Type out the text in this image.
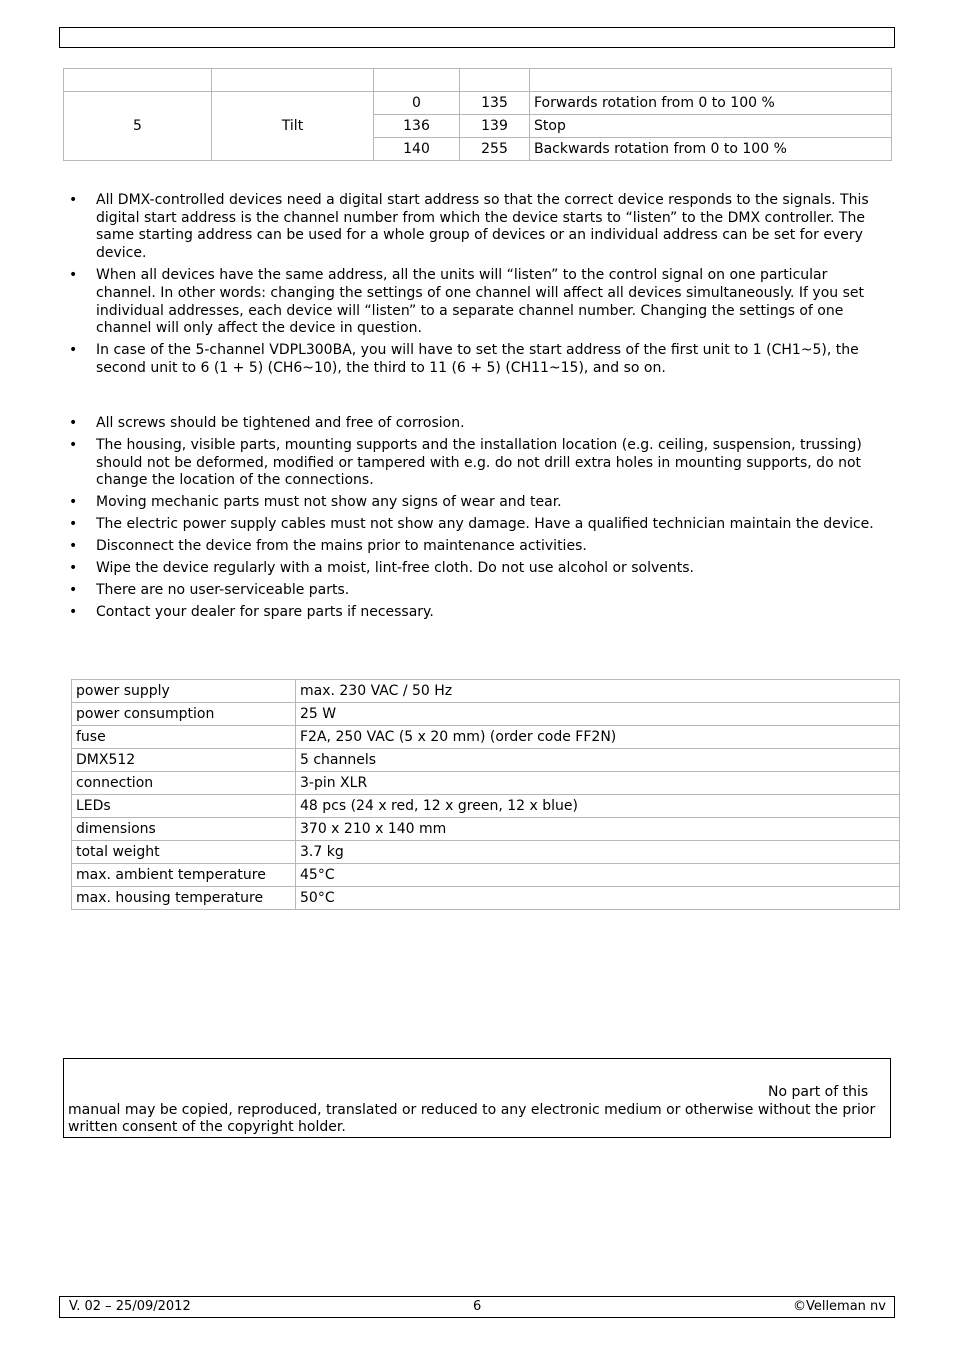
5	Tilt	0	135	Forwards rotation from 0 to 100 %
		136	139	Stop
		140	255	Backwards rotation from 0 to 100 %
• All DMX-controlled devices need a digital start address so that the correct device responds to the signals. This digital start address is the channel number from which the device starts to “listen” to the DMX controller. The same starting address can be used for a whole group of devices or an individual address can be set for every device.
• When all devices have the same address, all the units will “listen” to the control signal on one particular channel. In other words: changing the settings of one channel will affect all devices simultaneously. If you set individual addresses, each device will “listen” to a separate channel number. Changing the settings of one channel will only affect the device in question.
• In case of the 5-channel VDPL300BA, you will have to set the start address of the first unit to 1 (CH1~5), the second unit to 6 (1 + 5) (CH6~10), the third to 11 (6 + 5) (CH11~15), and so on.
• All screws should be tightened and free of corrosion.
• The housing, visible parts, mounting supports and the installation location (e.g. ceiling, suspension, trussing) should not be deformed, modified or tampered with e.g. do not drill extra holes in mounting supports, do not change the location of the connections.
• Moving mechanic parts must not show any signs of wear and tear.
• The electric power supply cables must not show any damage. Have a qualified technician maintain the device.
• Disconnect the device from the mains prior to maintenance activities.
• Wipe the device regularly with a moist, lint-free cloth. Do not use alcohol or solvents.
• There are no user-serviceable parts.
• Contact your dealer for spare parts if necessary.
power supply	max. 230 VAC / 50 Hz
power consumption	25 W
fuse	F2A, 250 VAC (5 x 20 mm) (order code FF2N)
DMX512	5 channels
connection	3-pin XLR
LEDs	48 pcs (24 x red, 12 x green, 12 x blue)
dimensions	370 x 210 x 140 mm
total weight	3.7 kg
max. ambient temperature	45°C
max. housing temperature	50°C
No part of this manual may be copied, reproduced, translated or reduced to any electronic medium or otherwise without the prior written consent of the copyright holder.
V. 02 – 25/09/2012	6	©Velleman nv
